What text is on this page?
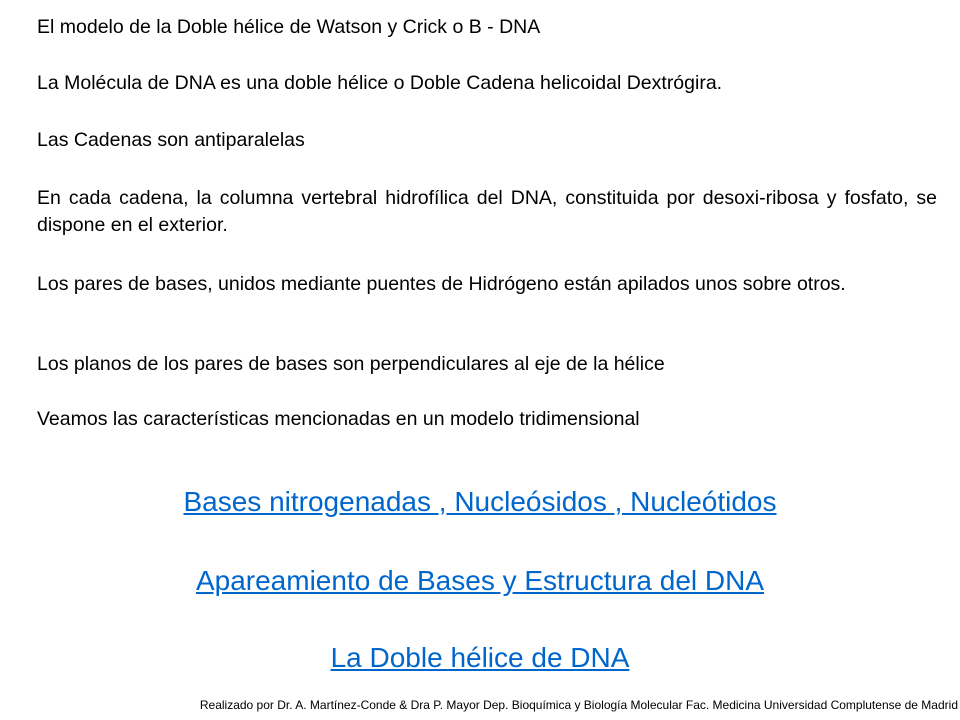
El modelo de la Doble hélice de Watson y Crick o B - DNA

La Molécula de DNA es una doble hélice o Doble Cadena helicoidal Dextrógira.

Las Cadenas son antiparalelas

En cada cadena, la columna vertebral hidrofílica del DNA, constituida por desoxi-ribosa y fosfato, se dispone en el exterior.

Los pares de bases, unidos mediante puentes de Hidrógeno están apilados unos sobre otros.

Los planos de los pares de bases son perpendiculares al eje de la hélice

Veamos las características mencionadas en un modelo tridimensional

Bases nitrogenadas , Nucleósidos , Nucleótidos
Apareamiento de Bases y Estructura del DNA
La Doble hélice de DNA
Realizado por Dr. A. Martínez-Conde & Dra P. Mayor Dep. Bioquímica y Biología Molecular Fac. Medicina Universidad Complutense de Madrid
